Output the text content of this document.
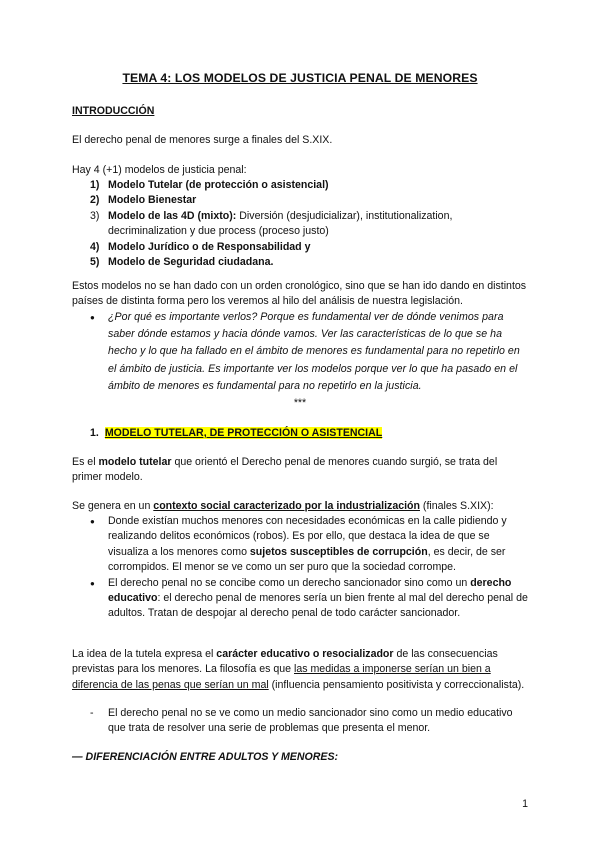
TEMA 4: LOS MODELOS DE JUSTICIA PENAL DE MENORES
INTRODUCCIÓN
El derecho penal de menores surge a finales del S.XIX.
Hay 4 (+1) modelos de justicia penal:
1) Modelo Tutelar (de protección o asistencial)
2) Modelo Bienestar
3) Modelo de las 4D (mixto): Diversión (desjudicializar), institutionalization, decriminalization y due process (proceso justo)
4) Modelo Jurídico o de Responsabilidad y
5) Modelo de Seguridad ciudadana.
Estos modelos no se han dado con un orden cronológico, sino que se han ido dando en distintos países de distinta forma pero los veremos al hilo del análisis de nuestra legislación.
● ¿Por qué es importante verlos? Porque es fundamental ver de dónde venimos para saber dónde estamos y hacia dónde vamos. Ver las características de lo que se ha hecho y lo que ha fallado en el ámbito de menores es fundamental para no repetirlo en el ámbito de justicia. Es importante ver los modelos porque ver lo que ha pasado en el ámbito de menores es fundamental para no repetirlo en la justicia.
***
1. MODELO TUTELAR, DE PROTECCIÓN O ASISTENCIAL
Es el modelo tutelar que orientó el Derecho penal de menores cuando surgió, se trata del primer modelo.
Se genera en un contexto social caracterizado por la industrialización (finales S.XIX):
● Donde existían muchos menores con necesidades económicas en la calle pidiendo y realizando delitos económicos (robos). Es por ello, que destaca la idea de que se visualiza a los menores como sujetos susceptibles de corrupción, es decir, de ser corrompidos. El menor se ve como un ser puro que la sociedad corrompe.
● El derecho penal no se concibe como un derecho sancionador sino como un derecho educativo: el derecho penal de menores sería un bien frente al mal del derecho penal de adultos. Tratan de despojar al derecho penal de todo carácter sancionador.
La idea de la tutela expresa el carácter educativo o resocializador de las consecuencias previstas para los menores. La filosofía es que las medidas a imponerse serían un bien a diferencia de las penas que serían un mal (influencia pensamiento positivista y correccionalista).
- El derecho penal no se ve como un medio sancionador sino como un medio educativo que trata de resolver una serie de problemas que presenta el menor.
— DIFERENCIACIÓN ENTRE ADULTOS Y MENORES:
1
